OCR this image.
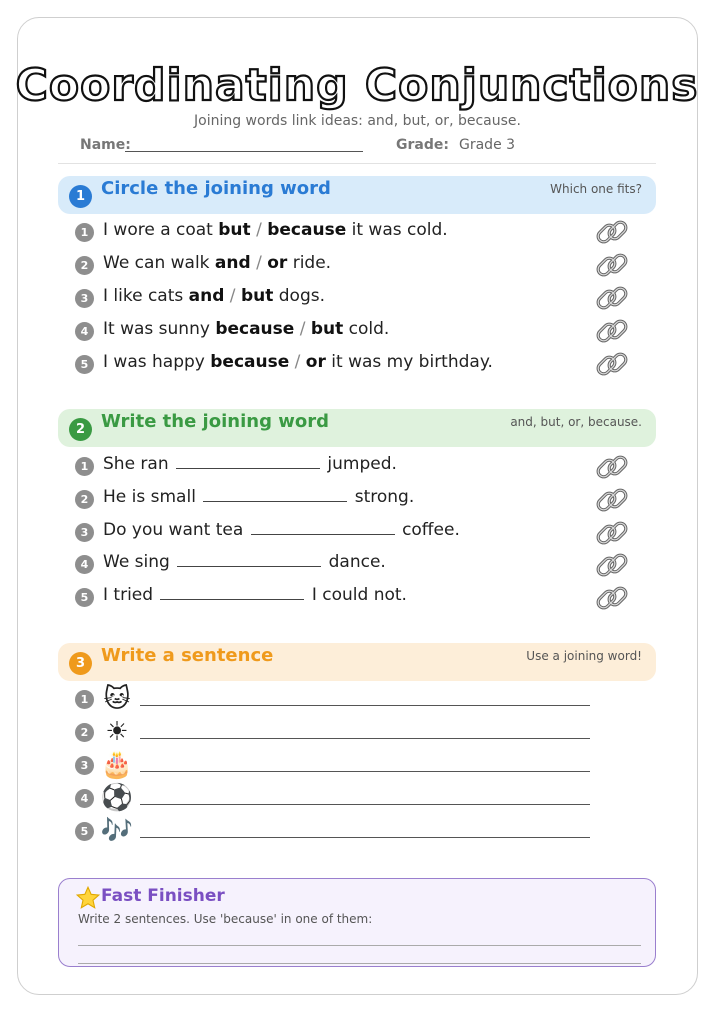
Coordinating Conjunctions
Joining words link ideas: and, but, or, because.
Name:	Grade: Grade 3
1 Circle the joining word	Which one fits?
1 I wore a coat but / because it was cold.
2 We can walk and / or ride.
3 I like cats and / but dogs.
4 It was sunny because / but cold.
5 I was happy because / or it was my birthday.
2 Write the joining word	and, but, or, because.
1 She ran	jumped.
2 He is small	strong.
3 Do you want tea	coffee.
4 We sing	dance.
5 I tried	I could not.
3 Write a sentence	Use a joining word!
1 🐱
2 ☀
3 🎂
4 ⚽
5 🎶
Fast Finisher
Write 2 sentences. Use 'because' in one of them:
